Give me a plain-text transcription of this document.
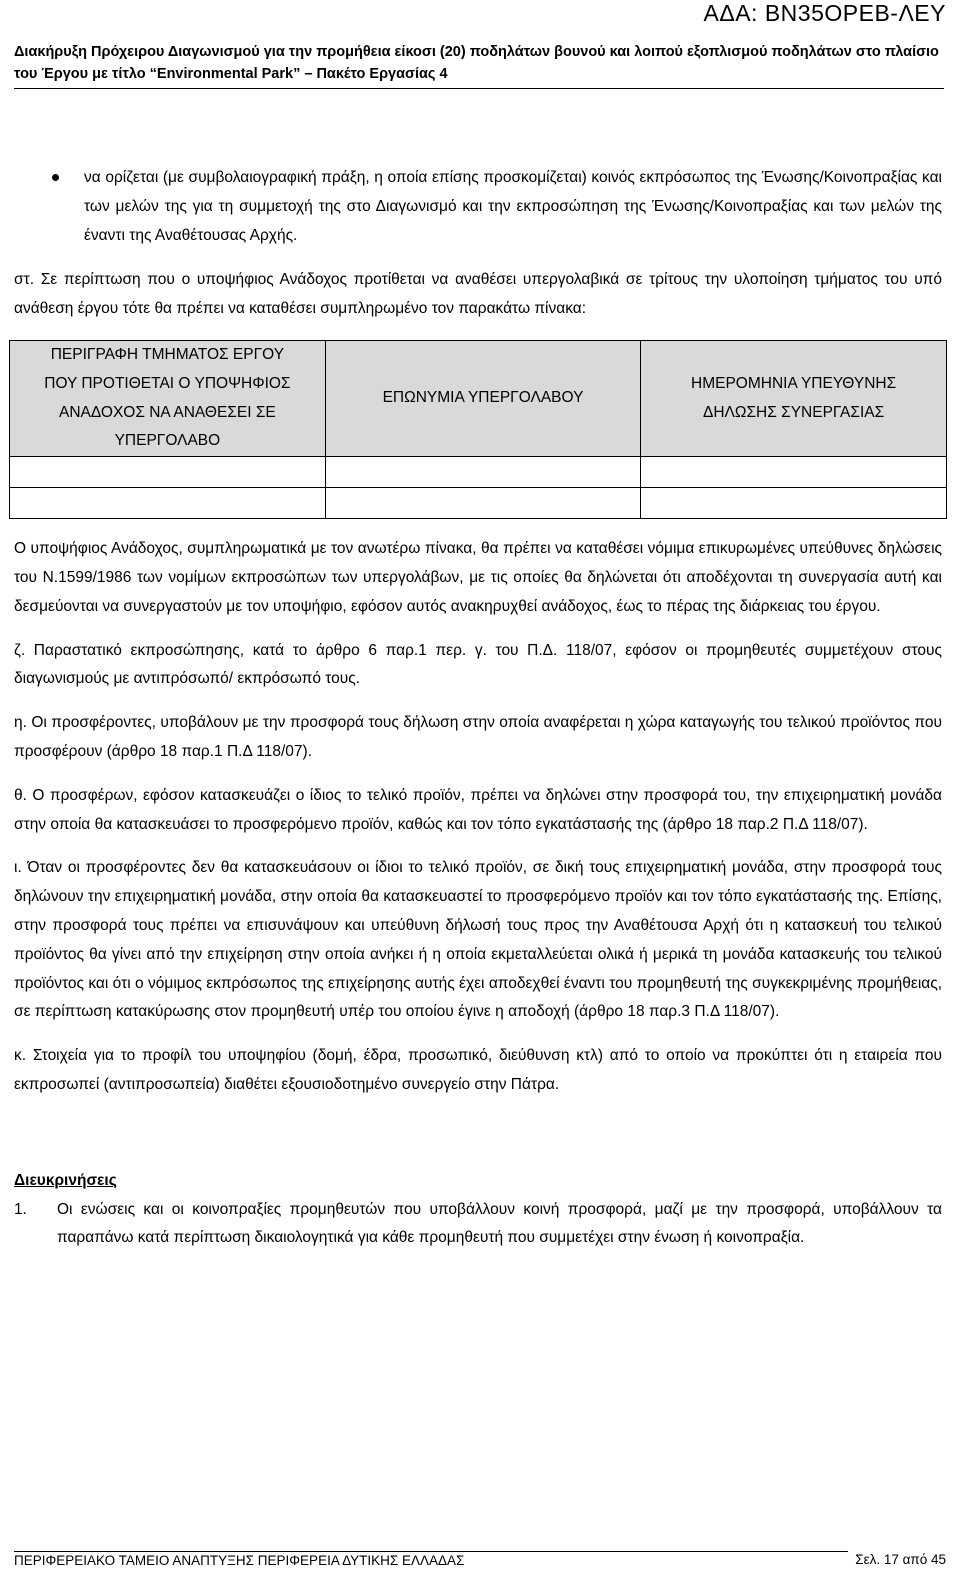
ΑΔΑ: ΒΝ35ΟΡΕΒ-ΛΕΥ
Διακήρυξη Πρόχειρου Διαγωνισμού για την προμήθεια είκοσι (20) ποδηλάτων βουνού και λοιπού εξοπλισμού ποδηλάτων στο πλαίσιο
του Έργου με τίτλο “Environmental Park” – Πακέτο Εργασίας 4
να ορίζεται (με συμβολαιογραφική πράξη, η οποία επίσης προσκομίζεται) κοινός εκπρόσωπος της Ένωσης/Κοινοπραξίας και των μελών της για τη συμμετοχή της στο Διαγωνισμό και την εκπροσώπηση της Ένωσης/Κοινοπραξίας και των μελών της έναντι της Αναθέτουσας Αρχής.

στ. Σε περίπτωση που ο υποψήφιος Ανάδοχος προτίθεται να αναθέσει υπεργολαβικά σε τρίτους την υλοποίηση τμήματος του υπό ανάθεση έργου τότε θα πρέπει να καταθέσει συμπληρωμένο τον παρακάτω πίνακα:

ΠΕΡΙΓΡΑΦΗ ΤΜΗΜΑΤΟΣ ΕΡΓΟΥ ΠΟΥ ΠΡΟΤΙΘΕΤΑΙ Ο ΥΠΟΨΗΦΙΟΣ ΑΝΑΔΟΧΟΣ ΝΑ ΑΝΑΘΕΣΕΙ ΣΕ ΥΠΕΡΓΟΛΑΒΟ	ΕΠΩΝΥΜΙΑ ΥΠΕΡΓΟΛΑΒΟΥ	ΗΜΕΡΟΜΗΝΙΑ ΥΠΕΥΘΥΝΗΣ ΔΗΛΩΣΗΣ ΣΥΝΕΡΓΑΣΙΑΣ

Ο υποψήφιος Ανάδοχος, συμπληρωματικά με τον ανωτέρω πίνακα, θα πρέπει να καταθέσει νόμιμα επικυρωμένες υπεύθυνες δηλώσεις του Ν.1599/1986 των νομίμων εκπροσώπων των υπεργολάβων, με τις οποίες θα δηλώνεται ότι αποδέχονται τη συνεργασία αυτή και δεσμεύονται να συνεργαστούν με τον υποψήφιο, εφόσον αυτός ανακηρυχθεί ανάδοχος, έως το πέρας της διάρκειας του έργου.

ζ. Παραστατικό εκπροσώπησης, κατά το άρθρο 6 παρ.1 περ. γ. του Π.Δ. 118/07, εφόσον οι προμηθευτές συμμετέχουν στους διαγωνισμούς με αντιπρόσωπό/ εκπρόσωπό τους.

η. Οι προσφέροντες, υποβάλουν με την προσφορά τους δήλωση στην οποία αναφέρεται η χώρα καταγωγής του τελικού προϊόντος που προσφέρουν (άρθρο 18 παρ.1 Π.Δ 118/07).

θ. Ο προσφέρων, εφόσον κατασκευάζει ο ίδιος το τελικό προϊόν, πρέπει να δηλώνει στην προσφορά του, την επιχειρηματική μονάδα στην οποία θα κατασκευάσει το προσφερόμενο προϊόν, καθώς και τον τόπο εγκατάστασής της (άρθρο 18 παρ.2 Π.Δ 118/07).

ι. Όταν οι προσφέροντες δεν θα κατασκευάσουν οι ίδιοι το τελικό προϊόν, σε δική τους επιχειρηματική μονάδα, στην προσφορά τους δηλώνουν την επιχειρηματική μονάδα, στην οποία θα κατασκευαστεί το προσφερόμενο προϊόν και τον τόπο εγκατάστασής της. Επίσης, στην προσφορά τους πρέπει να επισυνάψουν και υπεύθυνη δήλωσή τους προς την Αναθέτουσα Αρχή ότι η κατασκευή του τελικού προϊόντος θα γίνει από την επιχείρηση στην οποία ανήκει ή η οποία εκμεταλλεύεται ολικά ή μερικά τη μονάδα κατασκευής του τελικού προϊόντος και ότι ο νόμιμος εκπρόσωπος της επιχείρησης αυτής έχει αποδεχθεί έναντι του προμηθευτή της συγκεκριμένης προμήθειας, σε περίπτωση κατακύρωσης στον προμηθευτή υπέρ του οποίου έγινε η αποδοχή (άρθρο 18 παρ.3 Π.Δ 118/07).

κ. Στοιχεία για το προφίλ του υποψηφίου (δομή, έδρα, προσωπικό, διεύθυνση κτλ) από το οποίο να προκύπτει ότι η εταιρεία που εκπροσωπεί (αντιπροσωπεία) διαθέτει εξουσιοδοτημένο συνεργείο στην Πάτρα.

Διευκρινήσεις
1. Οι ενώσεις και οι κοινοπραξίες προμηθευτών που υποβάλλουν κοινή προσφορά, μαζί με την προσφορά, υποβάλλουν τα παραπάνω κατά περίπτωση δικαιολογητικά για κάθε προμηθευτή που συμμετέχει στην ένωση ή κοινοπραξία.

ΠΕΡΙΦΕΡΕΙΑΚΟ ΤΑΜΕΙΟ ΑΝΑΠΤΥΞΗΣ ΠΕΡΙΦΕΡΕΙΑ ΔΥΤΙΚΗΣ ΕΛΛΑΔΑΣ	Σελ. 17 από 45
